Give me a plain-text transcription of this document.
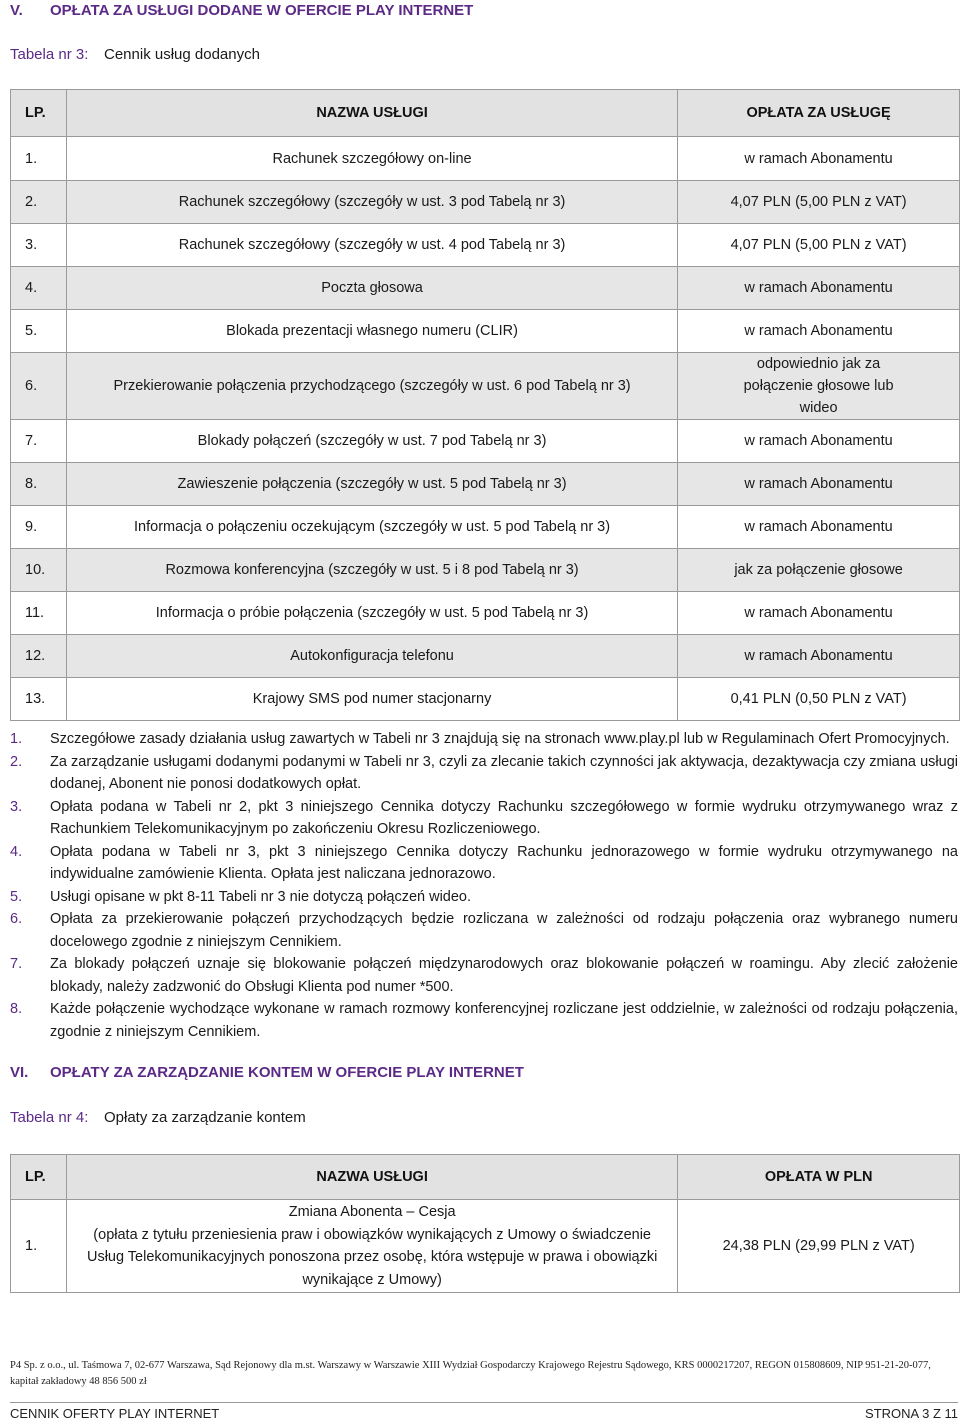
V. OPŁATA ZA USŁUGI DODANE W OFERCIE PLAY INTERNET
Tabela nr 3: Cennik usług dodanych
LP.	NAZWA USŁUGI	OPŁATA ZA USŁUGĘ
1.	Rachunek szczegółowy on-line	w ramach Abonamentu
2.	Rachunek szczegółowy (szczegóły w ust. 3 pod Tabelą nr 3)	4,07 PLN (5,00 PLN z VAT)
3.	Rachunek szczegółowy (szczegóły w ust. 4 pod Tabelą nr 3)	4,07 PLN (5,00 PLN z VAT)
4.	Poczta głosowa	w ramach Abonamentu
5.	Blokada prezentacji własnego numeru (CLIR)	w ramach Abonamentu
6.	Przekierowanie połączenia przychodzącego (szczegóły w ust. 6 pod Tabelą nr 3)	odpowiednio jak za połączenie głosowe lub wideo
7.	Blokady połączeń (szczegóły w ust. 7 pod Tabelą nr 3)	w ramach Abonamentu
8.	Zawieszenie połączenia (szczegóły w ust. 5 pod Tabelą nr 3)	w ramach Abonamentu
9.	Informacja o połączeniu oczekującym (szczegóły w ust. 5 pod Tabelą nr 3)	w ramach Abonamentu
10.	Rozmowa konferencyjna (szczegóły w ust. 5 i 8 pod Tabelą nr 3)	jak za połączenie głosowe
11.	Informacja o próbie połączenia (szczegóły w ust. 5 pod Tabelą nr 3)	w ramach Abonamentu
12.	Autokonfiguracja telefonu	w ramach Abonamentu
13.	Krajowy SMS pod numer stacjonarny	0,41 PLN (0,50 PLN z VAT)
1.	Szczegółowe zasady działania usług zawartych w Tabeli nr 3 znajdują się na stronach www.play.pl lub w Regulaminach Ofert Promocyjnych.
2.	Za zarządzanie usługami dodanymi podanymi w Tabeli nr 3, czyli za zlecanie takich czynności jak aktywacja, dezaktywacja czy zmiana usługi dodanej, Abonent nie ponosi dodatkowych opłat.
3.	Opłata podana w Tabeli nr 2, pkt 3 niniejszego Cennika dotyczy Rachunku szczegółowego w formie wydruku otrzymywanego wraz z Rachunkiem Telekomunikacyjnym po zakończeniu Okresu Rozliczeniowego.
4.	Opłata podana w Tabeli nr 3, pkt 3 niniejszego Cennika dotyczy Rachunku jednorazowego w formie wydruku otrzymywanego na indywidualne zamówienie Klienta. Opłata jest naliczana jednorazowo.
5.	Usługi opisane w pkt 8-11 Tabeli nr 3 nie dotyczą połączeń wideo.
6.	Opłata za przekierowanie połączeń przychodzących będzie rozliczana w zależności od rodzaju połączenia oraz wybranego numeru docelowego zgodnie z niniejszym Cennikiem.
7.	Za blokady połączeń uznaje się blokowanie połączeń międzynarodowych oraz blokowanie połączeń w roamingu. Aby zlecić założenie blokady, należy zadzwonić do Obsługi Klienta pod numer *500.
8.	Każde połączenie wychodzące wykonane w ramach rozmowy konferencyjnej rozliczane jest oddzielnie, w zależności od rodzaju połączenia, zgodnie z niniejszym Cennikiem.
VI. OPŁATY ZA ZARZĄDZANIE KONTEM W OFERCIE PLAY INTERNET
Tabela nr 4: Opłaty za zarządzanie kontem
LP.	NAZWA USŁUGI	OPŁATA W PLN
1.	Zmiana Abonenta – Cesja
(opłata z tytułu przeniesienia praw i obowiązków wynikających z Umowy o świadczenie Usług Telekomunikacyjnych ponoszona przez osobę, która wstępuje w prawa i obowiązki wynikające z Umowy)	24,38 PLN (29,99 PLN z VAT)
P4 Sp. z o.o., ul. Taśmowa 7, 02-677 Warszawa, Sąd Rejonowy dla m.st. Warszawy w Warszawie XIII Wydział Gospodarczy Krajowego Rejestru Sądowego, KRS 0000217207, REGON 015808609, NIP 951-21-20-077, kapitał zakładowy 48 856 500 zł
CENNIK OFERTY PLAY INTERNET	STRONA 3 Z 11
